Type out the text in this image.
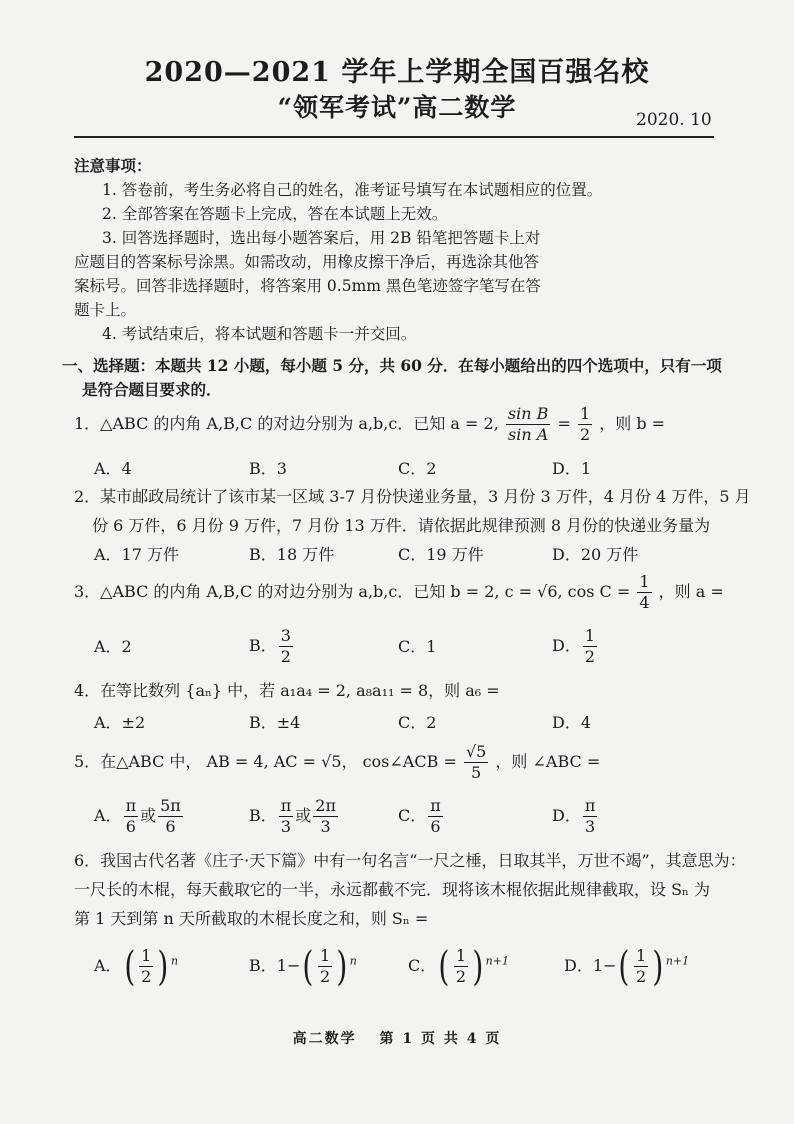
2020—2021 学年上学期全国百强名校
“领军考试”高二数学	2020. 10
注意事项：
1. 答卷前，考生务必将自己的姓名，准考证号填写在本试题相应的位置。
2. 全部答案在答题卡上完成，答在本试题上无效。
3. 回答选择题时，选出每小题答案后，用 2B 铅笔把答题卡上对
应题目的答案标号涂黑。如需改动，用橡皮擦干净后，再选涂其他答
案标号。回答非选择题时，将答案用 0.5mm 黑色笔迹签字笔写在答
题卡上。
4. 考试结束后，将本试题和答题卡一并交回。
一、选择题：本题共 12 小题，每小题 5 分，共 60 分．在每小题给出的四个选项中，只有一项
是符合题目要求的．
1．△ABC 的内角 A,B,C 的对边分别为 a,b,c．已知 a = 2, $\frac{\text{sin B}}{\text{sin A}} = \frac{1}{2}$ ，则 b =
A．4	B．3	C．2	D．1
2．某市邮政局统计了该市某一区域 3-7 月份快递业务量，3 月份 3 万件，4 月份 4 万件，5 月
份 6 万件，6 月份 9 万件，7 月份 13 万件．请依据此规律预测 8 月份的快递业务量为
A．17 万件	B．18 万件	C．19 万件	D．20 万件
3．△ABC 的内角 A,B,C 的对边分别为 a,b,c．已知 b = 2, c = √6, $\cos C = \frac{1}{4}$ ，则 a =
A．2	B． $\frac{3}{2}$	C．1	D． $\frac{1}{2}$
4．在等比数列 {aₙ} 中，若 a₁a₄ = 2, a₈a₁₁ = 8，则 a₆ =
A．±2	B．±4	C．2	D．4
5．在△ABC 中， AB = 4, AC = √5， cos∠ACB = $\frac{√5}{5}$ ，则 ∠ABC =
A． $\frac{\pi}{6}$ 或 $\frac{5\pi}{6}$	B． $\frac{\pi}{3}$ 或 $\frac{2\pi}{3}$	C． $\frac{\pi}{6}$	D． $\frac{\pi}{3}$
6．我国古代名著《庄子·天下篇》中有一句名言“一尺之棰，日取其半，万世不竭”，其意思为：
一尺长的木棍，每天截取它的一半，永远都截不完．现将该木棍依据此规律截取，设 Sₙ 为
第 1 天到第 n 天所截取的木棍长度之和，则 Sₙ =
A．( $\frac{1}{2}$ ) $^n$	B．$1-( \frac{1}{2}$ ) $^n$	C．( $\frac{1}{2}$ ) $^{n+1}$	D．$1-( \frac{1}{2}$ ) $^{n+1}$
高二数学　 第 1 页 共 4 页
